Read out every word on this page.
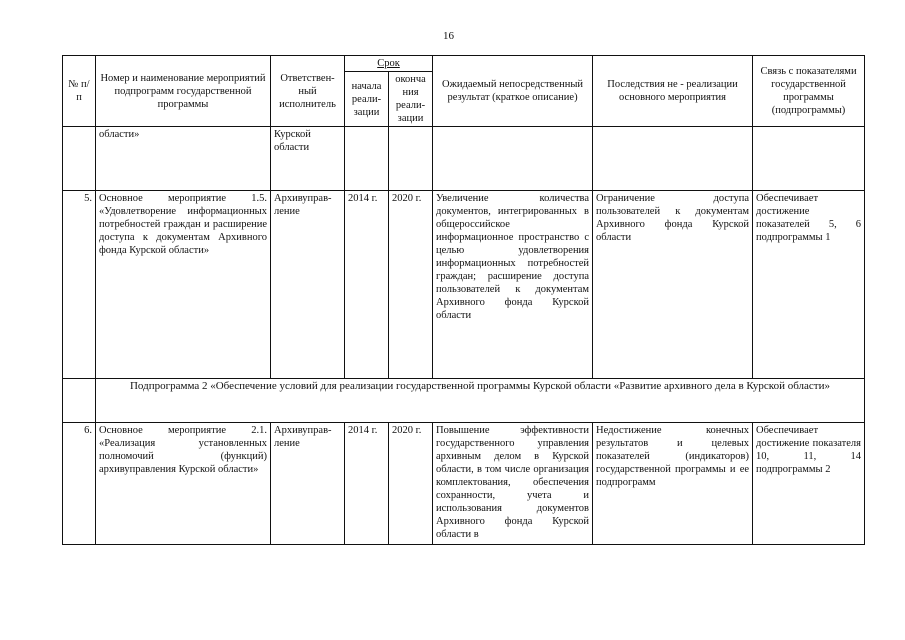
16
№ п/п	Номер и наименование мероприятий подпрограмм государственной программы	Ответствен-ный исполнитель	Срок		Ожидаемый непосредственный результат (краткое описание)	Последствия не - реализации основного мероприятия	Связь с показателями государственной программы (подпрограммы)
			начала реали-зации	оконча ния реали-зации			
	области»	Курской области					
5.	Основное мероприятие 1.5. «Удовлетворение информационных потребностей граждан и расширение доступа к документам Архивного фонда Курской области»	Архивуправ-ление	2014 г.	2020 г.	Увеличение количества документов, интегрированных в общероссийское информационное пространство с целью удовлетворения информационных потребностей граждан; расширение доступа пользователей к документам Архивного фонда Курской области	Ограничение доступа пользователей к документам Архивного фонда Курской области	Обеспечивает достижение показателей 5, 6 подпрограммы 1
	Подпрограмма 2 «Обеспечение условий для реализации государственной программы Курской области «Развитие архивного дела в Курской области»						
6.	Основное мероприятие 2.1. «Реализация установленных полномочий (функций) архивуправления Курской области»	Архивуправ-ление	2014 г.	2020 г.	Повышение эффективности государственного управления архивным делом в Курской области, в том числе организация комплектования, обеспечения сохранности, учета и использования документов Архивного фонда Курской области в	Недостижение конечных результатов и целевых показателей (индикаторов) государственной программы и ее подпрограмм	Обеспечивает достижение показателя 10, 11, 14 подпрограммы 2
